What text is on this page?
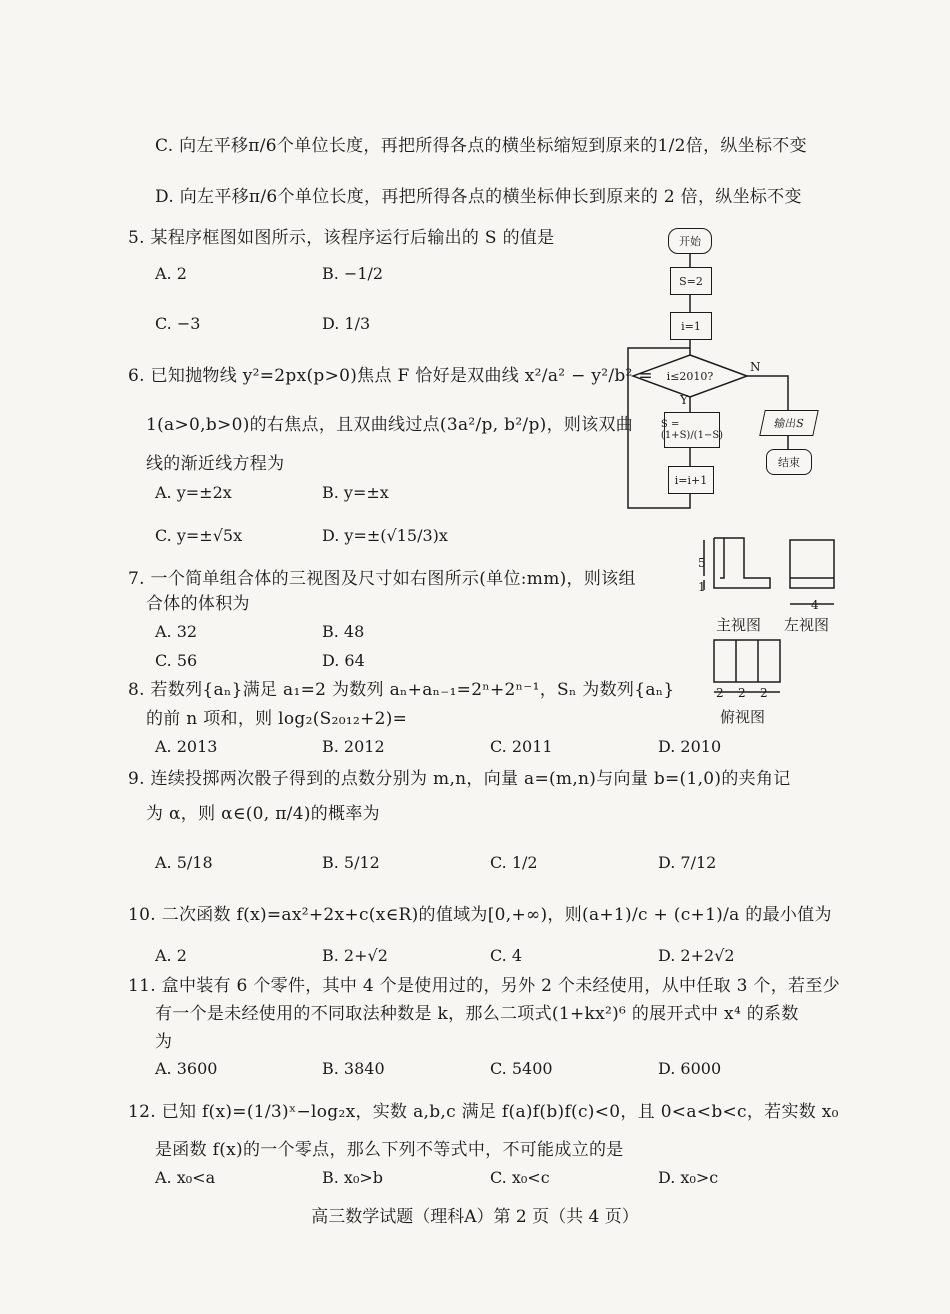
C. 向左平移π/6个单位长度，再把所得各点的横坐标缩短到原来的1/2倍，纵坐标不变
D. 向左平移π/6个单位长度，再把所得各点的横坐标伸长到原来的 2 倍，纵坐标不变
5. 某程序框图如图所示，该程序运行后输出的 S 的值是
A. 2	B. −1/2
C. −3	D. 1/3
开始
S=2
i=1
i≤2010?
N
Y
S = (1+S)/(1−S)
i=i+1
输出S
结束
6. 已知抛物线 y²=2px(p>0)焦点 F 恰好是双曲线 x²/a² − y²/b² =
1(a>0,b>0)的右焦点，且双曲线过点(3a²/p, b²/p)，则该双曲
线的渐近线方程为
A. y=±2x	B. y=±x
C. y=±√5x	D. y=±(√15/3)x
7. 一个简单组合体的三视图及尺寸如右图所示(单位:mm)，则该组
合体的体积为
A. 32	B. 48
C. 56	D. 64
5
1
4
主视图 左视图
2 2 2
俯视图
8. 若数列{aₙ}满足 a₁=2 为数列 aₙ+aₙ₋₁=2ⁿ+2ⁿ⁻¹，Sₙ 为数列{aₙ}
的前 n 项和，则 log₂(S₂₀₁₂+2)=
A. 2013	B. 2012	C. 2011	D. 2010
9. 连续投掷两次骰子得到的点数分别为 m,n，向量 a=(m,n)与向量 b=(1,0)的夹角记
为 α，则 α∈(0, π/4)的概率为
A. 5/18	B. 5/12	C. 1/2	D. 7/12
10. 二次函数 f(x)=ax²+2x+c(x∈R)的值域为[0,+∞)，则(a+1)/c + (c+1)/a 的最小值为
A. 2	B. 2+√2	C. 4	D. 2+2√2
11. 盒中装有 6 个零件，其中 4 个是使用过的，另外 2 个未经使用，从中任取 3 个，若至少
有一个是未经使用的不同取法种数是 k，那么二项式(1+kx²)⁶ 的展开式中 x⁴ 的系数
为
A. 3600	B. 3840	C. 5400	D. 6000
12. 已知 f(x)=(1/3)ˣ−log₂x，实数 a,b,c 满足 f(a)f(b)f(c)<0，且 0<a<b<c，若实数 x₀
是函数 f(x)的一个零点，那么下列不等式中，不可能成立的是
A. x₀<a	B. x₀>b	C. x₀<c	D. x₀>c
高三数学试题（理科A）第 2 页（共 4 页）
